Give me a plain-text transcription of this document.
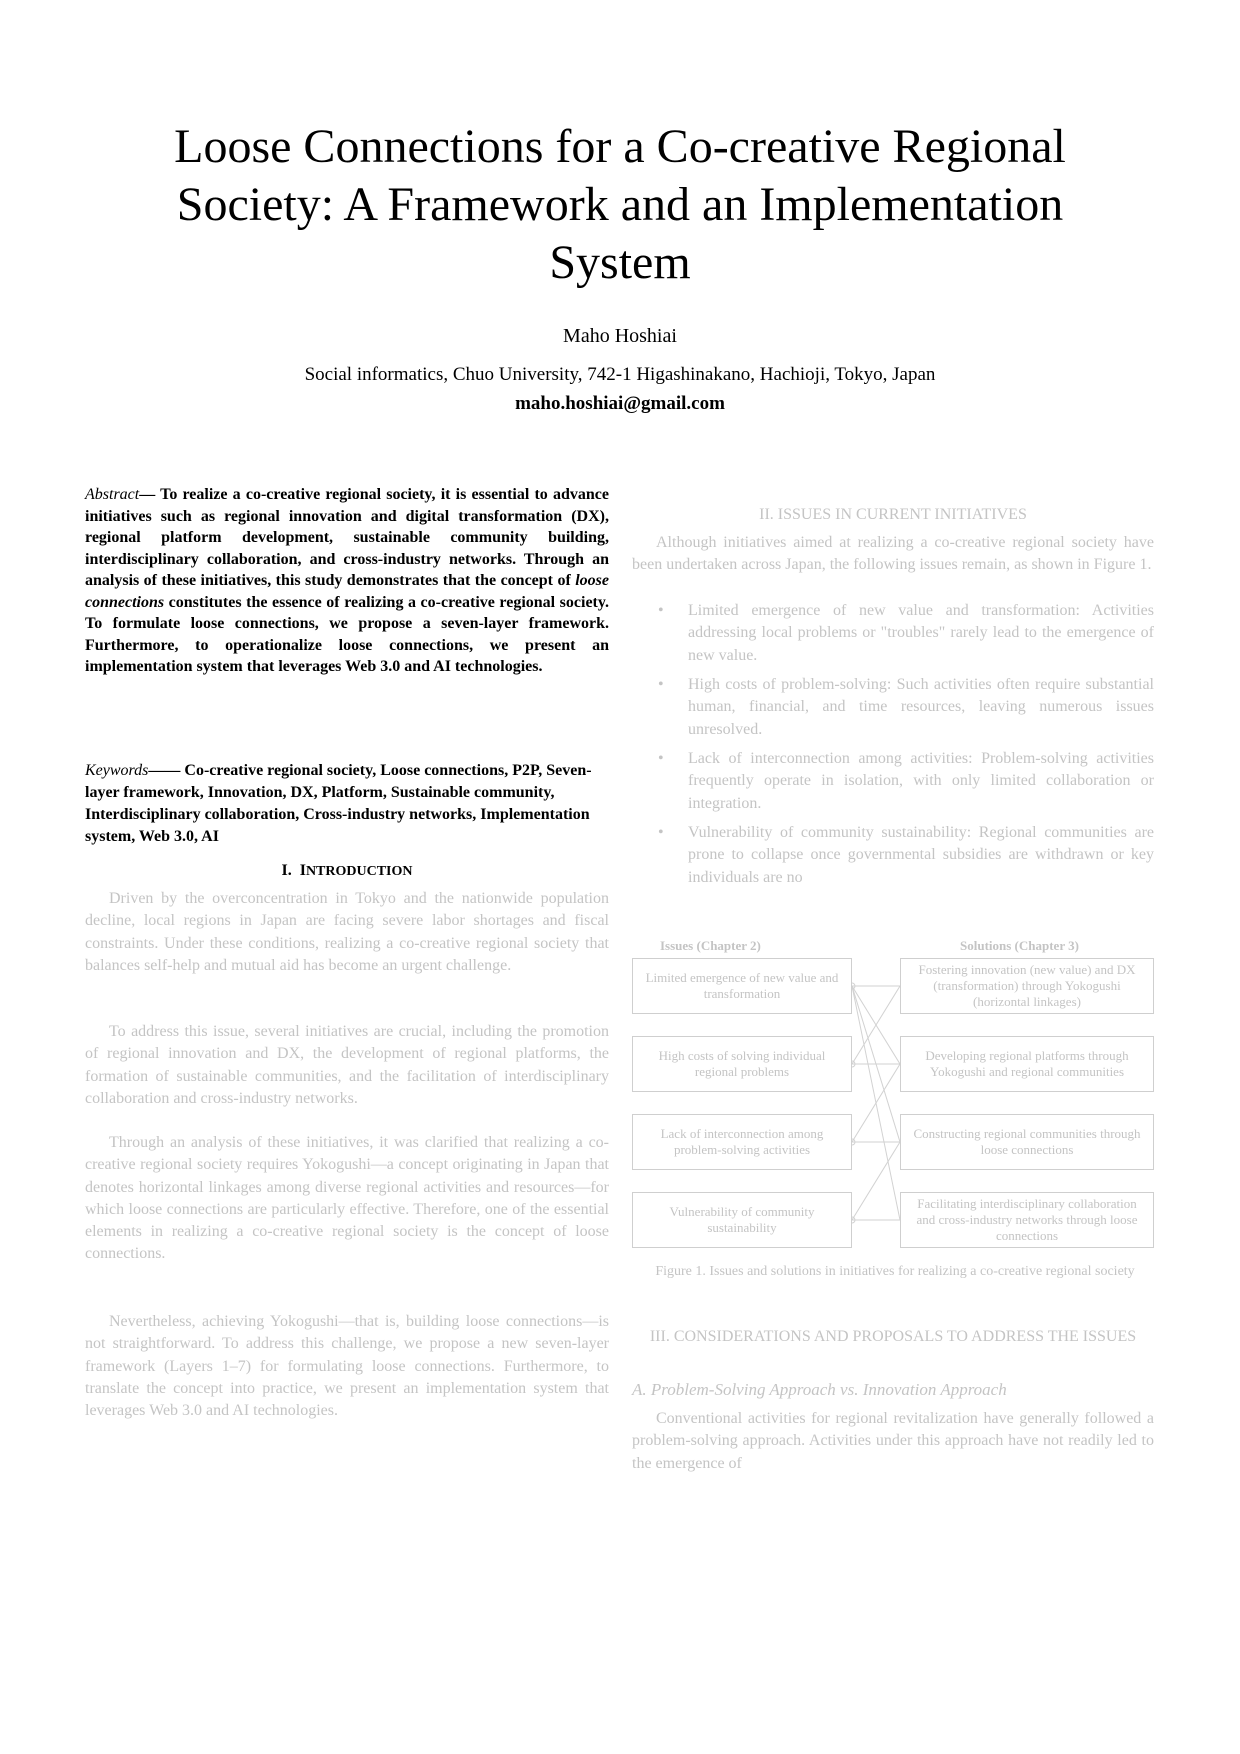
Loose Connections for a Co-creative Regional Society: A Framework and an Implementation System
Maho Hoshiai
Social informatics, Chuo University, 742-1 Higashinakano, Hachioji, Tokyo, Japan
maho.hoshiai@gmail.com
Abstract— To realize a co-creative regional society, it is essential to advance initiatives such as regional innovation and digital transformation (DX), regional platform development, sustainable community building, interdisciplinary collaboration, and cross-industry networks. Through an analysis of these initiatives, this study demonstrates that the concept of loose connections constitutes the essence of realizing a co-creative regional society. To formulate loose connections, we propose a seven-layer framework. Furthermore, to operationalize loose connections, we present an implementation system that leverages Web 3.0 and AI technologies.
Keywords—— Co-creative regional society, Loose connections, P2P, Seven-layer framework, Innovation, DX, Platform, Sustainable community, Interdisciplinary collaboration, Cross-industry networks, Implementation system, Web 3.0, AI
I. INTRODUCTION

Driven by the overconcentration in Tokyo and the nationwide population decline, local regions in Japan are facing severe labor shortages and fiscal constraints. Under these conditions, realizing a co-creative regional society that balances self-help and mutual aid has become an urgent challenge.

To address this issue, several initiatives are crucial, including the promotion of regional innovation and DX, the development of regional platforms, the formation of sustainable communities, and the facilitation of interdisciplinary collaboration and cross-industry networks.

Through an analysis of these initiatives, it was clarified that realizing a co-creative regional society requires Yokogushi—a concept originating in Japan that denotes horizontal linkages among diverse regional activities and resources—for which loose connections are particularly effective. Therefore, one of the essential elements in realizing a co-creative regional society is the concept of loose connections.

Nevertheless, achieving Yokogushi—that is, building loose connections—is not straightforward. To address this challenge, we propose a new seven-layer framework (Layers 1–7) for formulating loose connections. Furthermore, to translate the concept into practice, we present an implementation system that leverages Web 3.0 and AI technologies.

II. ISSUES IN CURRENT INITIATIVES

Although initiatives aimed at realizing a co-creative regional society have been undertaken across Japan, the following issues remain, as shown in Figure 1.

• Limited emergence of new value and transformation: Activities addressing local problems or "troubles" rarely lead to the emergence of new value.
• High costs of problem-solving: Such activities often require substantial human, financial, and time resources, leaving numerous issues unresolved.
• Lack of interconnection among activities: Problem-solving activities frequently operate in isolation, with only limited collaboration or integration.
• Vulnerability of community sustainability: Regional communities are prone to collapse once governmental subsidies are withdrawn or key individuals are no
Issues (Chapter 2)	Solutions (Chapter 3)
Limited emergence of new value and transformation
High costs of solving individual regional problems
Lack of interconnection among problem-solving activities
Vulnerability of community sustainability
Fostering innovation (new value) and DX (transformation) through Yokogushi (horizontal linkages)
Developing regional platforms through Yokogushi and regional communities
Constructing regional communities through loose connections
Facilitating interdisciplinary collaboration and cross-industry networks through loose connections
Figure 1. Issues and solutions in initiatives for realizing a co-creative regional society
III. CONSIDERATIONS AND PROPOSALS TO ADDRESS THE ISSUES
A. Problem-Solving Approach vs. Innovation Approach

Conventional activities for regional revitalization have generally followed a problem-solving approach. Activities under this approach have not readily led to the emergence of
